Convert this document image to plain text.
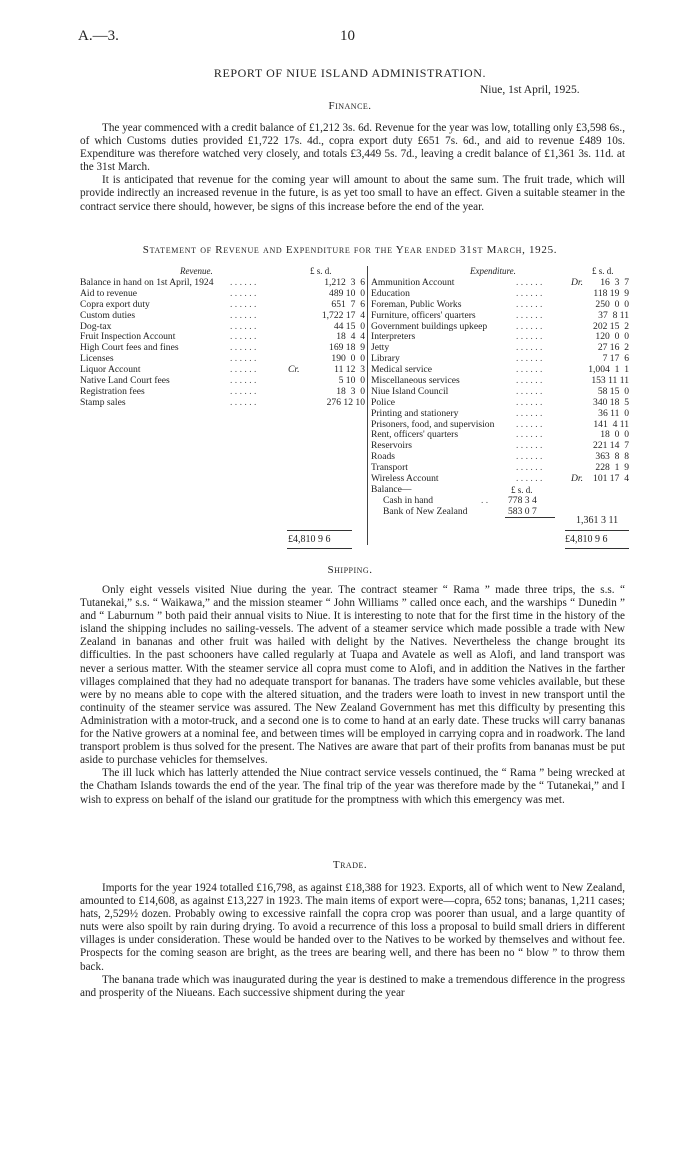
A.—3.	10
REPORT OF NIUE ISLAND ADMINISTRATION.
Niue, 1st April, 1925.
Finance.

The year commenced with a credit balance of £1,212 3s. 6d. Revenue for the year was low, totalling only £3,598 6s., of which Customs duties provided £1,722 17s. 4d., copra export duty £651 7s. 6d., and aid to revenue £489 10s. Expenditure was therefore watched very closely, and totals £3,449 5s. 7d., leaving a credit balance of £1,361 3s. 11d. at the 31st March.

It is anticipated that revenue for the coming year will amount to about the same sum. The fruit trade, which will provide indirectly an increased revenue in the future, is as yet too small to have an effect. Given a suitable steamer in the contract service there should, however, be signs of this increase before the end of the year.

Statement of Revenue and Expenditure for the Year ended 31st March, 1925.
Revenue.	£ s. d.
Balance in hand on 1st April, 1924 . . . . . .	1,212  3  6
Aid to revenue	. . . . . .	489 10  0
Copra export duty	. . . . . .	651  7  6
Custom duties	. . . . . .	1,722 17  4
Dog-tax	. . . . . .	44 15  0
Fruit Inspection Account	. . . . . .	18  4  4
High Court fees and fines	. . . . . .	169 18  9
Licenses	. . . . . .	190  0  0
Liquor Account	. . . . . .	Cr.	11 12  3
Native Land Court fees	. . . . . .	5 10  0
Registration fees	. . . . . .	18  3  0
Stamp sales	. . . . . .	276 12 10
£4,810 9 6
Expenditure.	£ s. d.
Ammunition Account	. . . . . .	Dr. 16  3  7
Education	. . . . . .	118 19  9
Foreman, Public Works	. . . . . .	250  0  0
Furniture, officers' quarters	. . . . . .	37  8 11
Government buildings upkeep	. . . . . .	202 15  2
Interpreters	. . . . . .	120  0  0
Jetty	. . . . . .	27 16  2
Library	. . . . . .	7 17  6
Medical service	. . . . . .	1,004  1  1
Miscellaneous services	. . . . . .	153 11 11
Niue Island Council	. . . . . .	58 15  0
Police	. . . . . .	340 18  5
Printing and stationery	. . . . . .	36 11  0
Prisoners, food, and supervision . . . . . .	141  4 11
Rent, officers' quarters	. . . . . .	18  0  0
Reservoirs	. . . . . .	221 14  7
Roads	. . . . . .	363  8  8
Transport	. . . . . .	228  1  9
Wireless Account	. . . . . .	Dr. 101 17  4
Balance—	£ s. d.
Cash in hand	. . 778 3 4
Bank of New Zealand	583 0 7
1,361 3 11
£4,810 9 6
Shipping.

Only eight vessels visited Niue during the year. The contract steamer “ Rama ” made three trips, the s.s. “ Tutanekai,” s.s. “ Waikawa,” and the mission steamer “ John Williams ” called once each, and the warships “ Dunedin ” and “ Laburnum ” both paid their annual visits to Niue. It is interesting to note that for the first time in the history of the island the shipping includes no sailing-vessels. The advent of a steamer service which made possible a trade with New Zealand in bananas and other fruit was hailed with delight by the Natives. Nevertheless the change brought its difficulties. In the past schooners have called regularly at Tuapa and Avatele as well as Alofi, and land transport was never a serious matter. With the steamer service all copra must come to Alofi, and in addition the Natives in the farther villages complained that they had no adequate transport for bananas. The traders have some vehicles available, but these were by no means able to cope with the altered situation, and the traders were loath to invest in new transport until the continuity of the steamer service was assured. The New Zealand Government has met this difficulty by presenting this Administration with a motor-truck, and a second one is to come to hand at an early date. These trucks will carry bananas for the Native growers at a nominal fee, and between times will be employed in carrying copra and in roadwork. The land transport problem is thus solved for the present. The Natives are aware that part of their profits from bananas must be put aside to purchase vehicles for themselves.

The ill luck which has latterly attended the Niue contract service vessels continued, the “ Rama ” being wrecked at the Chatham Islands towards the end of the year. The final trip of the year was therefore made by the “ Tutanekai,” and I wish to express on behalf of the island our gratitude for the promptness with which this emergency was met.

Trade.

Imports for the year 1924 totalled £16,798, as against £18,388 for 1923. Exports, all of which went to New Zealand, amounted to £14,608, as against £13,227 in 1923. The main items of export were—copra, 652 tons; bananas, 1,211 cases; hats, 2,529½ dozen. Probably owing to excessive rainfall the copra crop was poorer than usual, and a large quantity of nuts were also spoilt by rain during drying. To avoid a recurrence of this loss a proposal to build small driers in different villages is under consideration. These would be handed over to the Natives to be worked by themselves and without fee. Prospects for the coming season are bright, as the trees are bearing well, and there has been no “ blow ” to throw them back.

The banana trade which was inaugurated during the year is destined to make a tremendous difference in the progress and prosperity of the Niueans. Each successive shipment during the year
